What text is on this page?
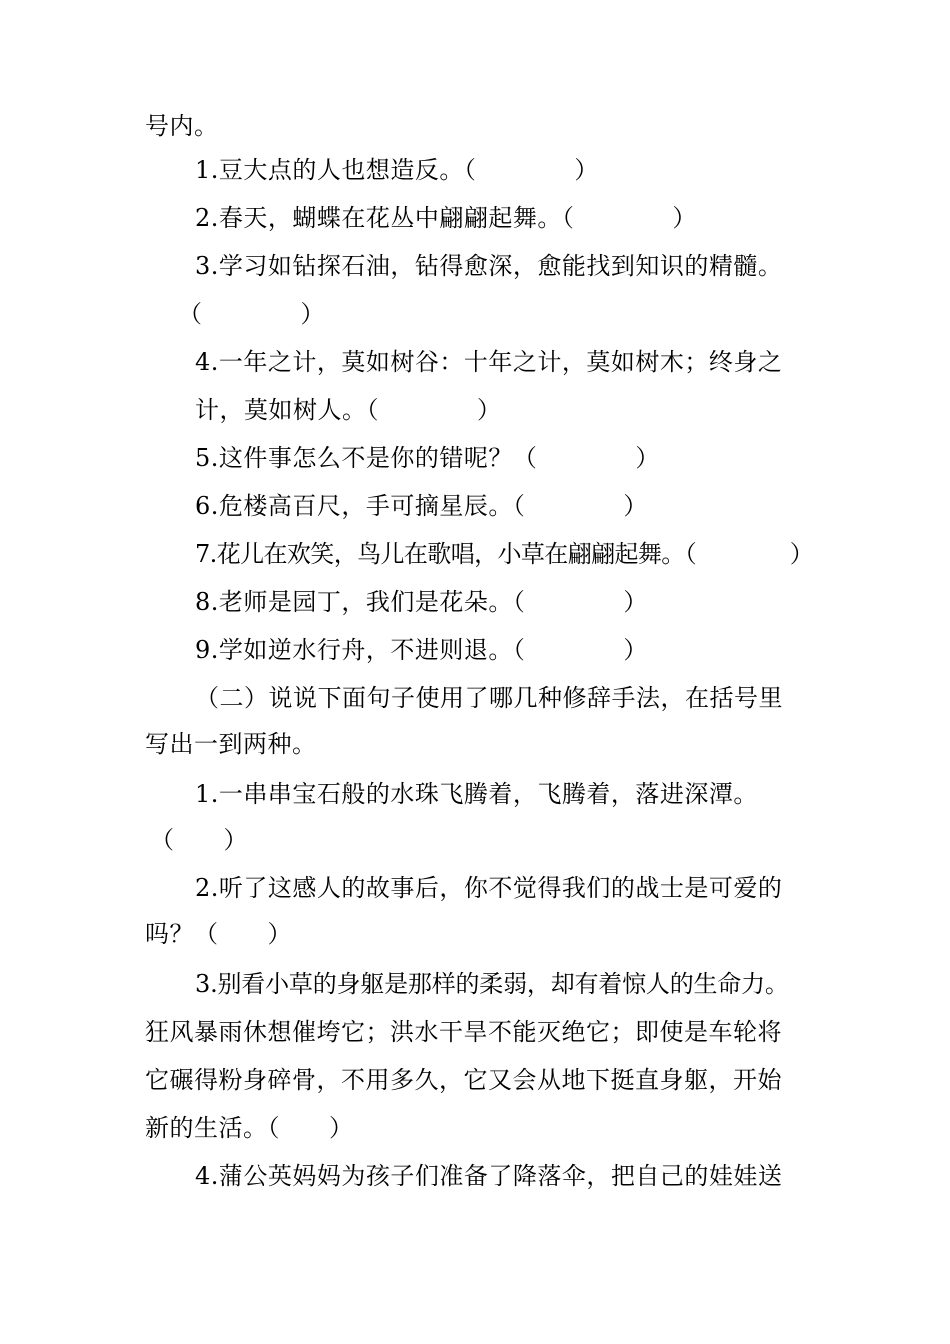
号内。
1.豆大点的人也想造反。（　　　　）
2.春天，蝴蝶在花丛中翩翩起舞。（　　　　）
3.学习如钻探石油，钻得愈深，愈能找到知识的精髓。
（　　　　）
4.一年之计，莫如树谷：十年之计，莫如树木；终身之
计，莫如树人。（　　　　）
5.这件事怎么不是你的错呢？（　　　　）
6.危楼高百尺，手可摘星辰。（　　　　）
7.花儿在欢笑，鸟儿在歌唱，小草在翩翩起舞。（　　　　）
8.老师是园丁，我们是花朵。（　　　　）
9.学如逆水行舟，不进则退。（　　　　）
（二）说说下面句子使用了哪几种修辞手法，在括号里
写出一到两种。
1.一串串宝石般的水珠飞腾着，飞腾着，落进深潭。
（　　）
2.听了这感人的故事后，你不觉得我们的战士是可爱的
吗？（　　）
3.别看小草的身躯是那样的柔弱，却有着惊人的生命力。
狂风暴雨休想催垮它；洪水干旱不能灭绝它；即使是车轮将
它碾得粉身碎骨，不用多久，它又会从地下挺直身躯，开始
新的生活。（　　）
4.蒲公英妈妈为孩子们准备了降落伞，把自己的娃娃送
